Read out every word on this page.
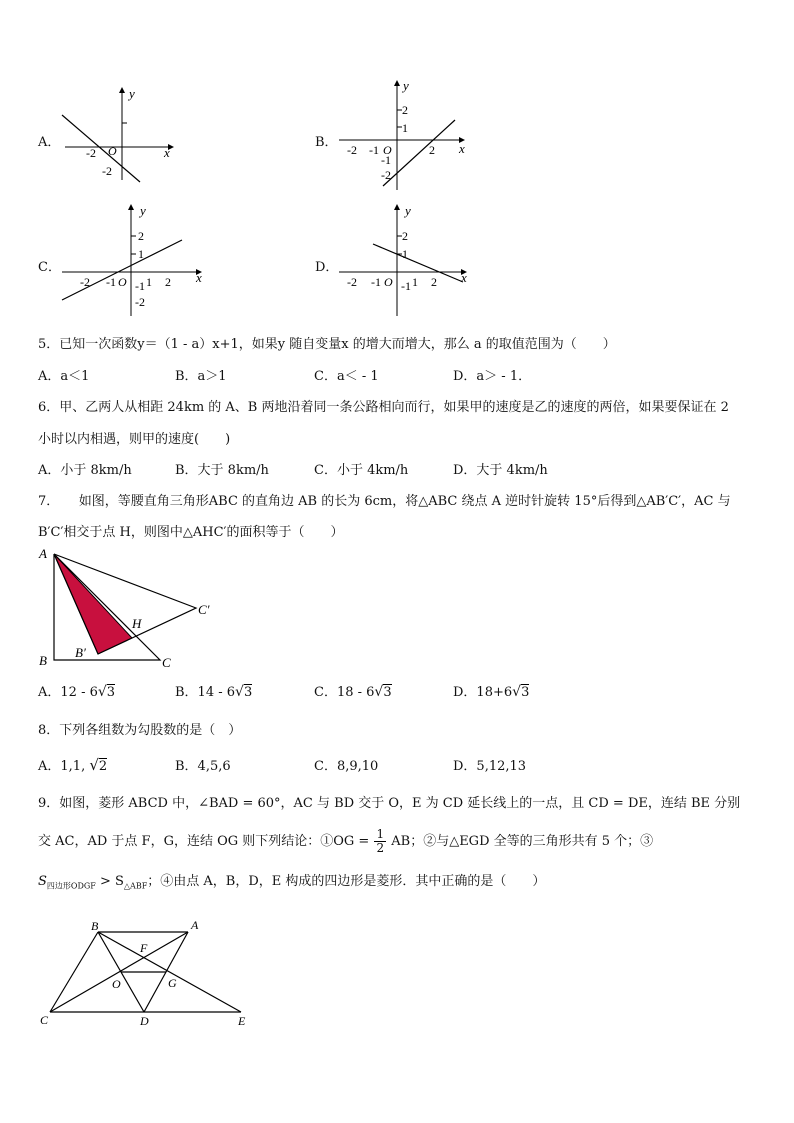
A．
-2 O
-2
x
y
B． -2 -1 O	2
1
2
-1
-2
x
y
C．
-2 -1 O 1 2
2
1
-1
-2
x
y
D．
-2 -1 O 1 2
2
1
-1
x
y
5．已知一次函数y＝（1 - a）x+1，如果y 随自变量x 的增大而增大，那么 a 的取值范围为（　　）
A．a＜1	B．a＞1	C．a＜ - 1	D．a＞ - 1．
6．甲、乙两人从相距 24km 的 A、B 两地沿着同一条公路相向而行，如果甲的速度是乙的速度的两倍，如果要保证在 2
小时以内相遇，则甲的速度(　　)
A．小于 8km/h	B．大于 8km/h	C．小于 4km/h	D．大于 4km/h
7．　　如图，等腰直角三角形ABC 的直角边 AB 的长为 6cm，将△ABC 绕点 A 逆时针旋转 15°后得到△AB′C′，AC 与
B′C′相交于点 H，则图中△AHC′的面积等于（　　）
A
B	C
B′
C′
H
A．12 - 6√3	B．14 - 6√3	C．18 - 6√3	D．18+6√3
8．下列各组数为勾股数的是（　）
A．1,1, √2	B．4,5,6	C．8,9,10	D．5,12,13
9．如图，菱形 ABCD 中，∠BAD = 60°，AC 与 BD 交于 O，E 为 CD 延长线上的一点，且 CD = DE，连结 BE 分别
交 AC，AD 于点 F，G，连结 OG 则下列结论：①OG = $\frac{1}{2}$ AB；②与△EGD 全等的三角形共有 5 个；③
$S_{四边形ODGF} > S_{\triangle ABF}$；④由点 A，B，D，E 构成的四边形是菱形．其中正确的是（　　）
B	A
C	D	E
F
G
O
